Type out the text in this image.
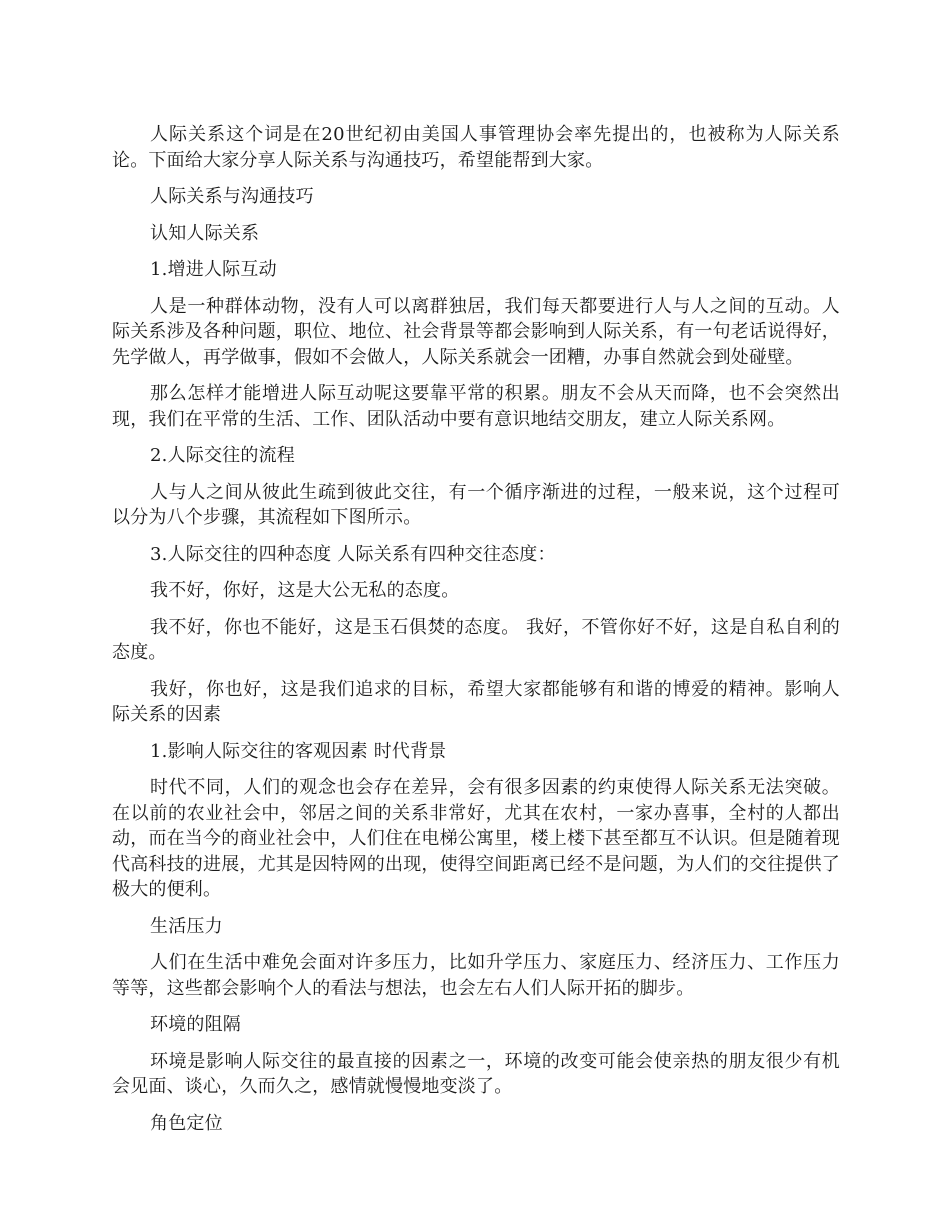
人际关系这个词是在20世纪初由美国人事管理协会率先提出的，也被称为人际关系论。下面给大家分享人际关系与沟通技巧，希望能帮到大家。

人际关系与沟通技巧

认知人际关系

1.增进人际互动

人是一种群体动物，没有人可以离群独居，我们每天都要进行人与人之间的互动。人际关系涉及各种问题，职位、地位、社会背景等都会影响到人际关系，有一句老话说得好，先学做人，再学做事，假如不会做人，人际关系就会一团糟，办事自然就会到处碰壁。

那么怎样才能增进人际互动呢这要靠平常的积累。朋友不会从天而降，也不会突然出现，我们在平常的生活、工作、团队活动中要有意识地结交朋友，建立人际关系网。

2.人际交往的流程

人与人之间从彼此生疏到彼此交往，有一个循序渐进的过程，一般来说，这个过程可以分为八个步骤，其流程如下图所示。

3.人际交往的四种态度 人际关系有四种交往态度：

我不好，你好，这是大公无私的态度。

我不好，你也不能好，这是玉石俱焚的态度。 我好，不管你好不好，这是自私自利的态度。

我好，你也好，这是我们追求的目标，希望大家都能够有和谐的博爱的精神。影响人际关系的因素

1.影响人际交往的客观因素 时代背景

时代不同，人们的观念也会存在差异，会有很多因素的约束使得人际关系无法突破。在以前的农业社会中，邻居之间的关系非常好，尤其在农村，一家办喜事，全村的人都出动，而在当今的商业社会中，人们住在电梯公寓里，楼上楼下甚至都互不认识。但是随着现代高科技的进展，尤其是因特网的出现，使得空间距离已经不是问题，为人们的交往提供了极大的便利。

生活压力

人们在生活中难免会面对许多压力，比如升学压力、家庭压力、经济压力、工作压力等等，这些都会影响个人的看法与想法，也会左右人们人际开拓的脚步。

环境的阻隔

环境是影响人际交往的最直接的因素之一，环境的改变可能会使亲热的朋友很少有机会见面、谈心，久而久之，感情就慢慢地变淡了。

角色定位
